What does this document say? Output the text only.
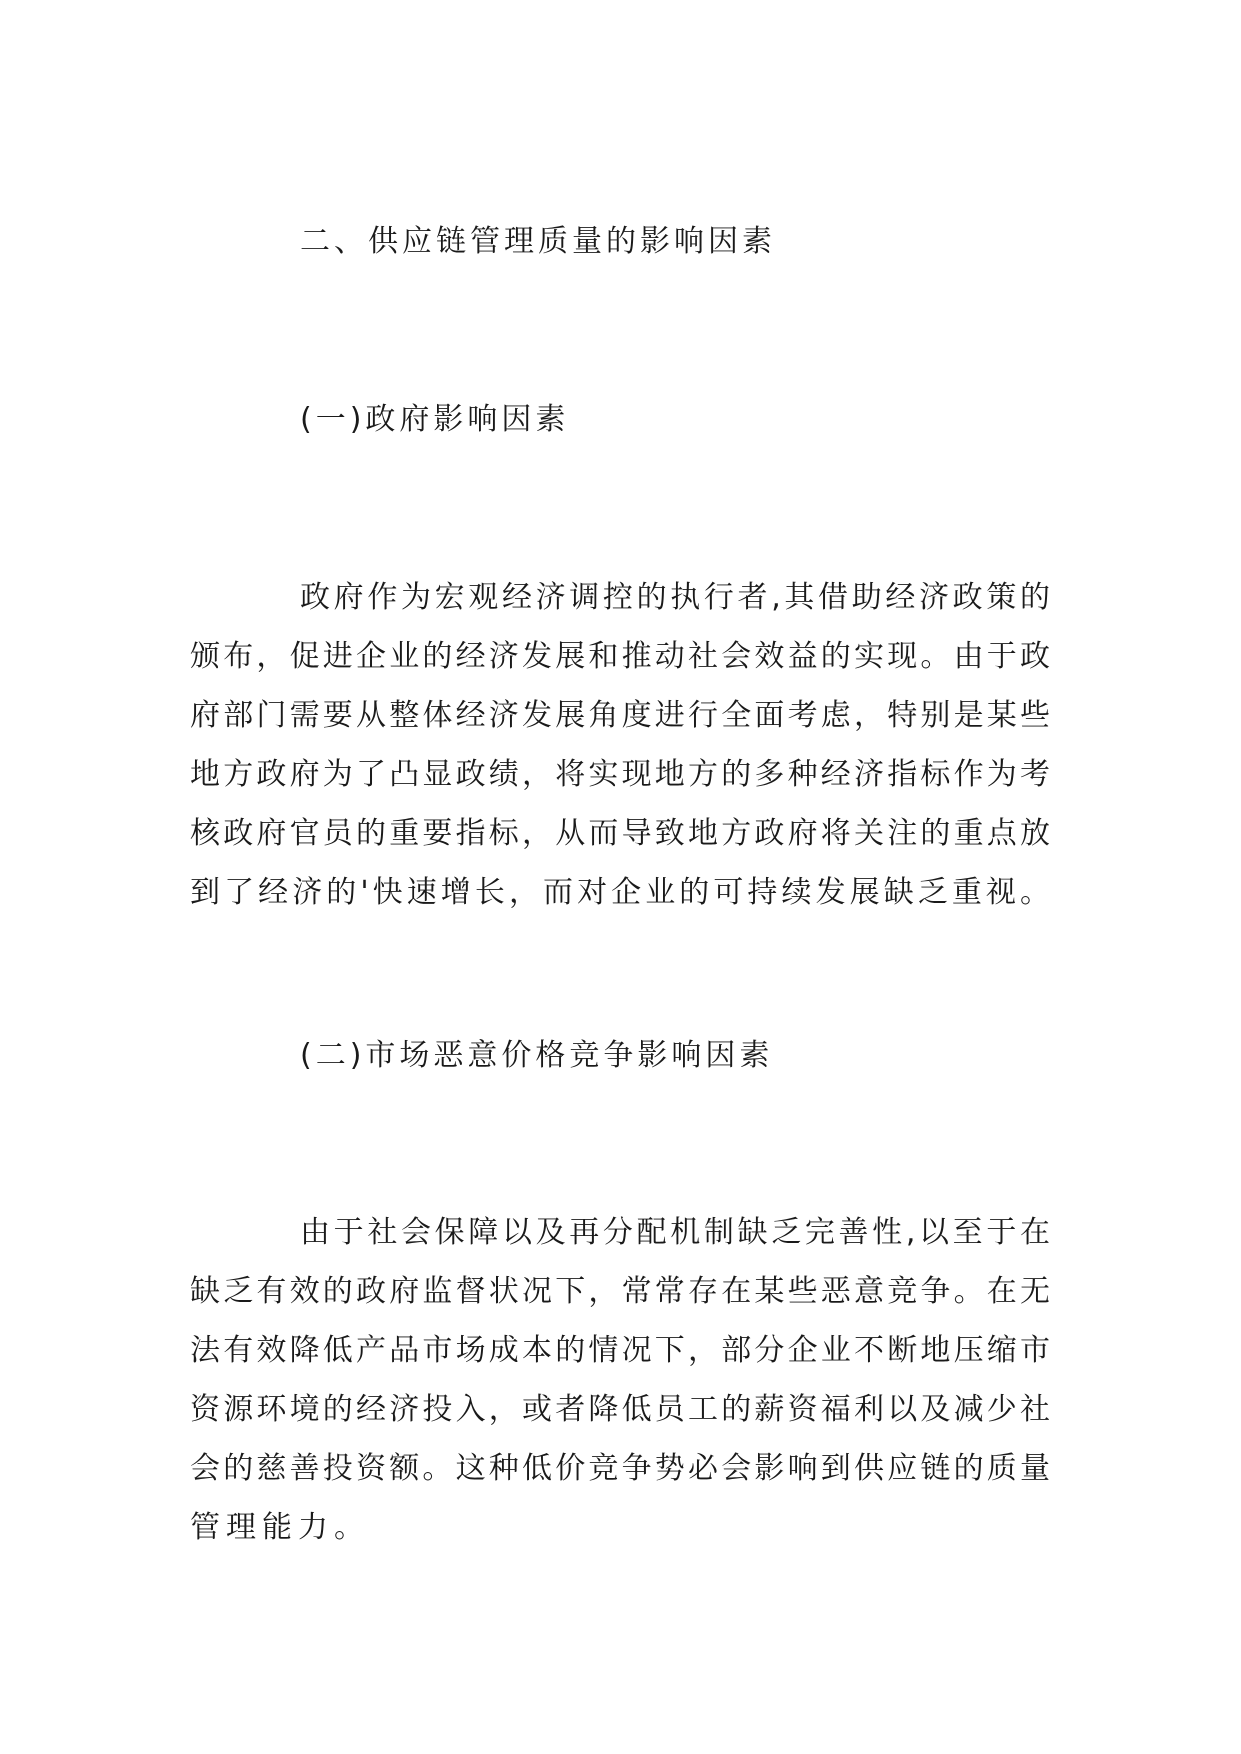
二、供应链管理质量的影响因素
(一)政府影响因素
政府作为宏观经济调控的执行者,其借助经济政策的
颁布，促进企业的经济发展和推动社会效益的实现。由于政
府部门需要从整体经济发展角度进行全面考虑，特别是某些
地方政府为了凸显政绩，将实现地方的多种经济指标作为考
核政府官员的重要指标，从而导致地方政府将关注的重点放
到了经济的'快速增长，而对企业的可持续发展缺乏重视。
(二)市场恶意价格竞争影响因素
由于社会保障以及再分配机制缺乏完善性,以至于在
缺乏有效的政府监督状况下，常常存在某些恶意竞争。在无
法有效降低产品市场成本的情况下，部分企业不断地压缩市
资源环境的经济投入，或者降低员工的薪资福利以及减少社
会的慈善投资额。这种低价竞争势必会影响到供应链的质量
管理能力。
